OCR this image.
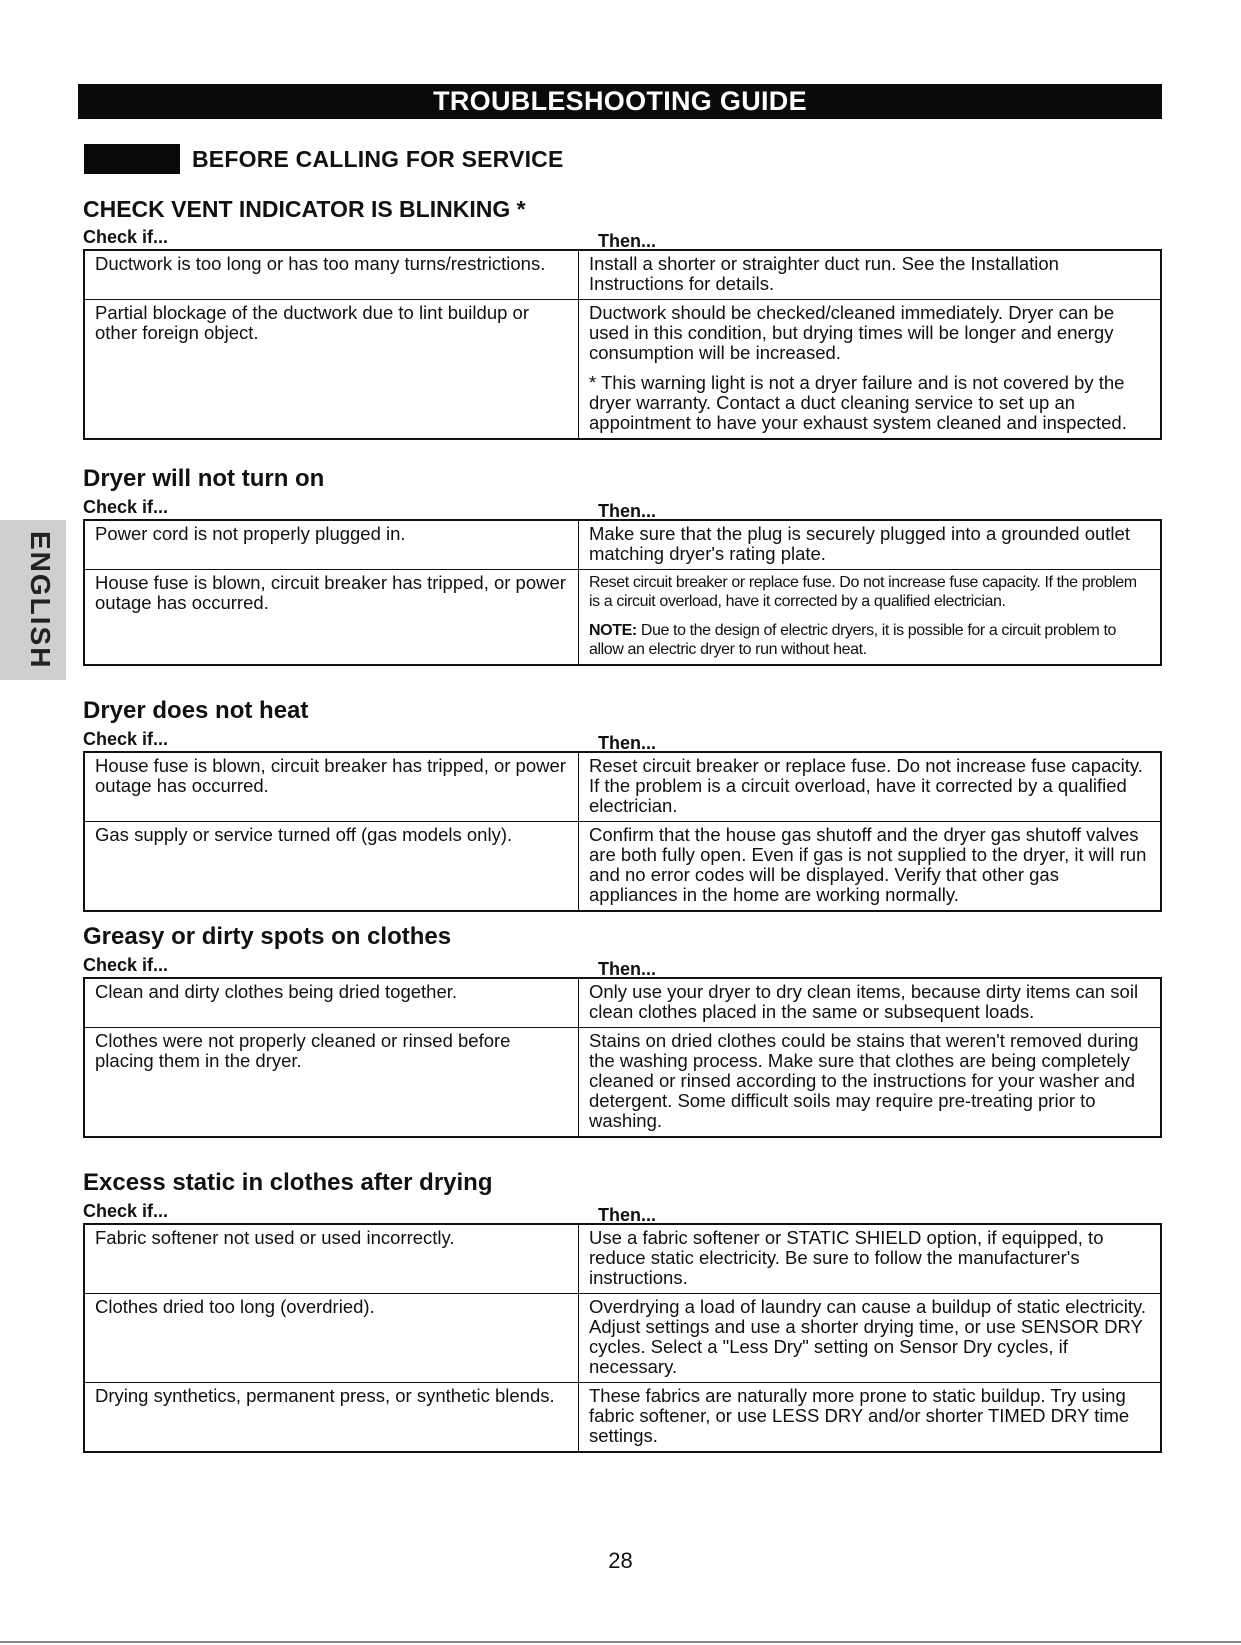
TROUBLESHOOTING GUIDE
BEFORE CALLING FOR SERVICE
ENGLISH
CHECK VENT INDICATOR IS BLINKING *
Check if...	Then...
Ductwork is too long or has too many turns/restrictions.	Install a shorter or straighter duct run. See the Installation Instructions for details.

Partial blockage of the ductwork due to lint buildup or other foreign object.	Ductwork should be checked/cleaned immediately. Dryer can be used in this condition, but drying times will be longer and energy consumption will be increased.

* This warning light is not a dryer failure and is not covered by the dryer warranty. Contact a duct cleaning service to set up an appointment to have your exhaust system cleaned and inspected.

Dryer will not turn on
Check if...	Then...
Power cord is not properly plugged in.	Make sure that the plug is securely plugged into a grounded outlet matching dryer's rating plate.

House fuse is blown, circuit breaker has tripped, or power outage has occurred.	Reset circuit breaker or replace fuse. Do not increase fuse capacity. If the problem is a circuit overload, have it corrected by a qualified electrician.

NOTE: Due to the design of electric dryers, it is possible for a circuit problem to allow an electric dryer to run without heat.

Dryer does not heat
Check if...	Then...
House fuse is blown, circuit breaker has tripped, or power outage has occurred.	Reset circuit breaker or replace fuse. Do not increase fuse capacity. If the problem is a circuit overload, have it corrected by a qualified electrician.

Gas supply or service turned off (gas models only).	Confirm that the house gas shutoff and the dryer gas shutoff valves are both fully open. Even if gas is not supplied to the dryer, it will run and no error codes will be displayed. Verify that other gas appliances in the home are working normally.

Greasy or dirty spots on clothes
Check if...	Then...
Clean and dirty clothes being dried together.	Only use your dryer to dry clean items, because dirty items can soil clean clothes placed in the same or subsequent loads.

Clothes were not properly cleaned or rinsed before placing them in the dryer.	Stains on dried clothes could be stains that weren't removed during the washing process. Make sure that clothes are being completely cleaned or rinsed according to the instructions for your washer and detergent. Some difficult soils may require pre-treating prior to washing.

Excess static in clothes after drying
Check if...	Then...
Fabric softener not used or used incorrectly.	Use a fabric softener or STATIC SHIELD option, if equipped, to reduce static electricity. Be sure to follow the manufacturer's instructions.

Clothes dried too long (overdried).	Overdrying a load of laundry can cause a buildup of static electricity. Adjust settings and use a shorter drying time, or use SENSOR DRY cycles. Select a "Less Dry" setting on Sensor Dry cycles, if necessary.

Drying synthetics, permanent press, or synthetic blends.	These fabrics are naturally more prone to static buildup. Try using fabric softener, or use LESS DRY and/or shorter TIMED DRY time settings.

28
